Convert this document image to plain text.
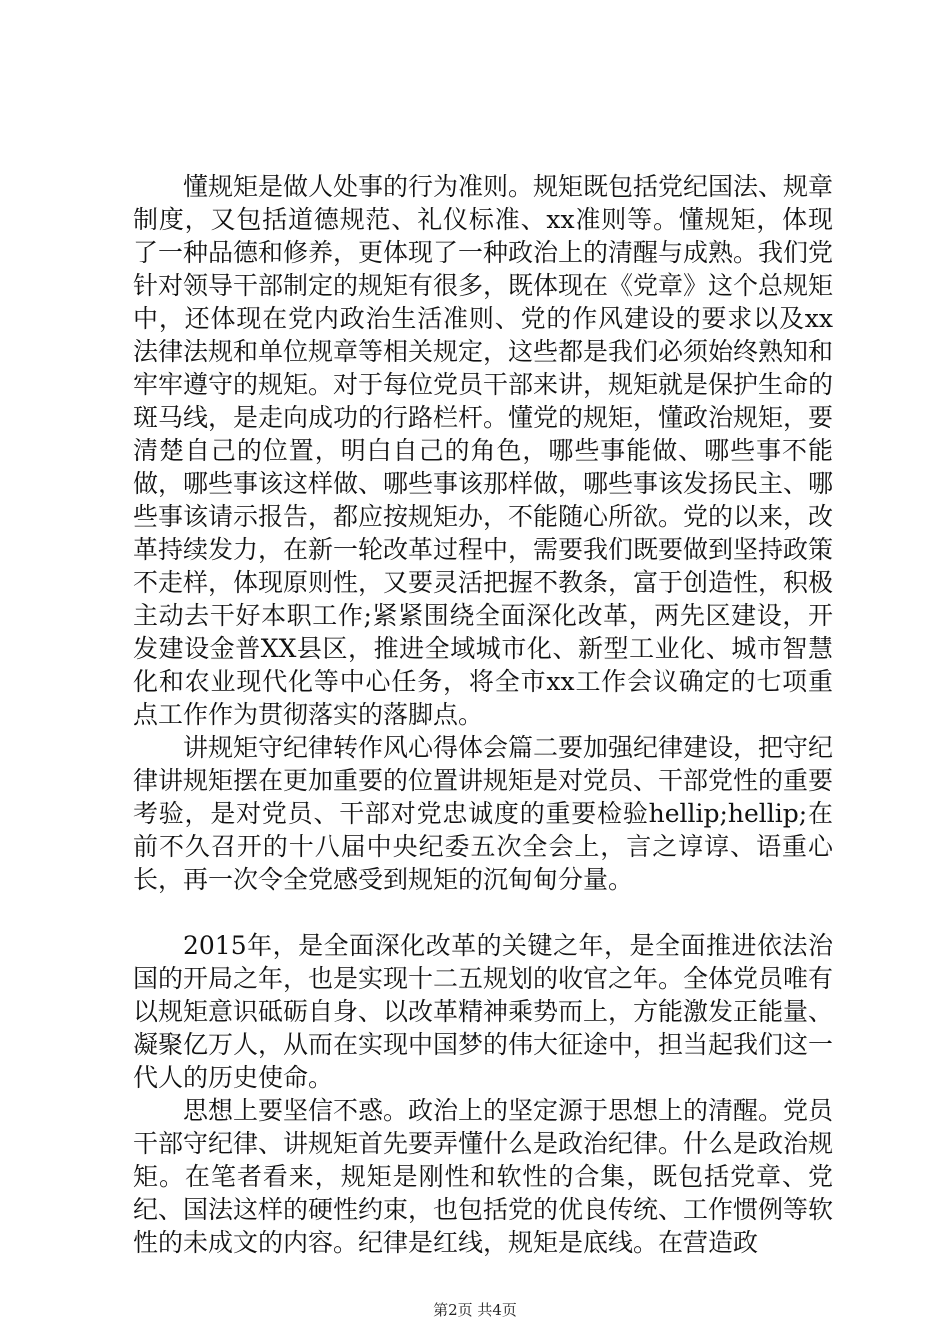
懂规矩是做人处事的行为准则。规矩既包括党纪国法、规章制度，又包括道德规范、礼仪标准、xx准则等。懂规矩，体现了一种品德和修养，更体现了一种政治上的清醒与成熟。我们党针对领导干部制定的规矩有很多，既体现在《党章》这个总规矩中，还体现在党内政治生活准则、党的作风建设的要求以及xx法律法规和单位规章等相关规定，这些都是我们必须始终熟知和牢牢遵守的规矩。对于每位党员干部来讲，规矩就是保护生命的斑马线，是走向成功的行路栏杆。懂党的规矩，懂政治规矩，要清楚自己的位置，明白自己的角色，哪些事能做、哪些事不能做，哪些事该这样做、哪些事该那样做，哪些事该发扬民主、哪些事该请示报告，都应按规矩办，不能随心所欲。党的以来，改革持续发力，在新一轮改革过程中，需要我们既要做到坚持政策不走样，体现原则性，又要灵活把握不教条，富于创造性，积极主动去干好本职工作;紧紧围绕全面深化改革，两先区建设，开发建设金普XX县区，推进全域城市化、新型工业化、城市智慧化和农业现代化等中心任务，将全市xx工作会议确定的七项重点工作作为贯彻落实的落脚点。

讲规矩守纪律转作风心得体会篇二要加强纪律建设，把守纪律讲规矩摆在更加重要的位置讲规矩是对党员、干部党性的重要考验，是对党员、干部对党忠诚度的重要检验hellip;hellip;在前不久召开的十八届中央纪委五次全会上，言之谆谆、语重心长，再一次令全党感受到规矩的沉甸甸分量。

2015年，是全面深化改革的关键之年，是全面推进依法治国的开局之年，也是实现十二五规划的收官之年。全体党员唯有以规矩意识砥砺自身、以改革精神乘势而上，方能激发正能量、凝聚亿万人，从而在实现中国梦的伟大征途中，担当起我们这一代人的历史使命。

思想上要坚信不惑。政治上的坚定源于思想上的清醒。党员干部守纪律、讲规矩首先要弄懂什么是政治纪律。什么是政治规矩。在笔者看来，规矩是刚性和软性的合集，既包括党章、党纪、国法这样的硬性约束，也包括党的优良传统、工作惯例等软性的未成文的内容。纪律是红线，规矩是底线。在营造政

第2页 共4页
